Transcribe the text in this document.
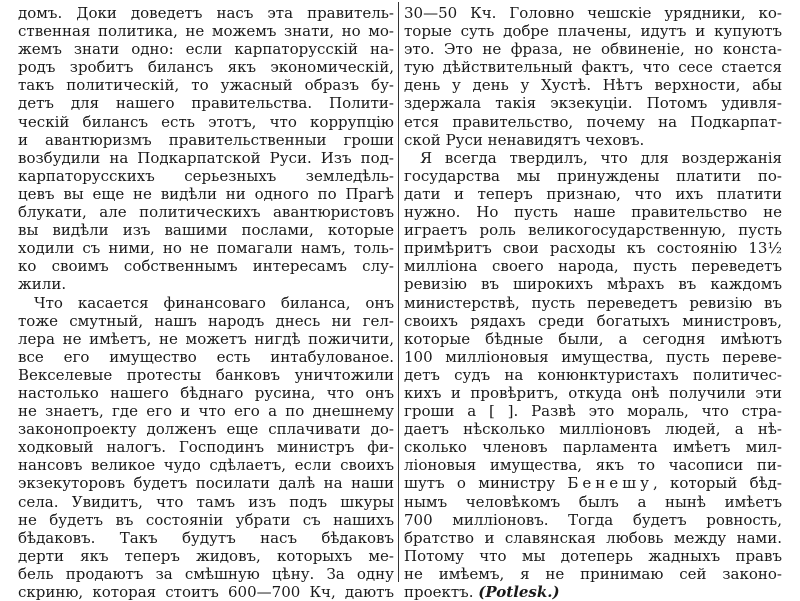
домъ. Доки доведетъ насъ эта правитель-
ственная политика, не можемъ знати, но мо-
жемъ знати одно: если карпаторусскій на-
родъ зробитъ билансъ якъ экономическій,
такъ политическій, то ужасный образъ бу-
детъ для нашего правительства. Полити-
ческій билансъ есть этотъ, что коррупцію
и авантюризмъ правительственныи гроши
возбудили на Подкарпатской Руси. Изъ под-
карпаторусскихъ серьезныхъ земледѣль-
цевъ вы еще не видѣли ни одного по Прагѣ
блукати, але политическихъ авантюристовъ
вы видѣли изъ вашими послами, которые
ходили съ ними, но не помагали намъ, толь-
ко своимъ собственнымъ интересамъ слу-
жили.
Что касается финансоваго биланса, онъ
тоже смутный, нашъ народъ днесь ни гел-
лера не имѣетъ, не можетъ нигдѣ пожичити,
все его имущество есть интабулованое.
Векселевые протесты банковъ уничтожили
настолько нашего бѣднаго русина, что онъ
не знаетъ, где его и что его а по днешнему
законопроекту долженъ еще сплачивати до-
ходковый налогъ. Господинъ министръ фи-
нансовъ великое чудо сдѣлаетъ, если своихъ
экзекуторовъ будетъ посилати далѣ на наши
села. Увидитъ, что тамъ изъ подъ шкуры
не будетъ въ состояніи убрати съ нашихъ
бѣдаковъ. Такъ будутъ насъ бѣдаковъ
дерти якъ теперъ жидовъ, которыхъ ме-
бель продаютъ за смѣшную цѣну. За одну
скриню, которая стоитъ 600—700 Кч, даютъ
30—50 Кч. Головно чешскіе урядники, ко-
торые суть добре плачены, идутъ и купуютъ
это. Это не фраза, не обвиненіе, но конста-
тую дѣйствительный фактъ, что сесе стается
день у день у Хустѣ. Нѣтъ верхности, абы
здержала такія экзекуціи. Потомъ удивля-
ется правительство, почему на Подкарпат-
ской Руси ненавидятъ чеховъ.
Я всегда твердилъ, что для воздержанія
государства мы принуждены платити по-
дати и теперъ признаю, что ихъ платити
нужно. Но пусть наше правительство не
играетъ роль великогосударственную, пусть
примѣритъ свои расходы къ состоянію 13½
милліона своего народа, пусть переведетъ
ревизію въ широкихъ мѣрахъ въ каждомъ
министерствѣ, пусть переведетъ ревизію въ
своихъ рядахъ среди богатыхъ министровъ,
которые бѣдные были, а сегодня имѣютъ
100 милліоновыя имущества, пусть переве-
детъ судъ на конюнктуристахъ политичес-
кихъ и провѣритъ, откуда онѣ получили эти
гроши а [ ]. Развѣ это мораль, что стра-
даетъ нѣсколько милліоновъ людей, а нѣ-
сколько членовъ парламента имѣетъ мил-
ліоновыя имущества, якъ то часописи пи-
шутъ о министру Бенешу, который бѣд-
нымъ человѣкомъ былъ а нынѣ имѣетъ
700 милліоновъ. Тогда будетъ ровность,
братство и славянская любовь между нами.
Потому что мы дотеперь жадныхъ правъ
не имѣемъ, я не принимаю сей законо-
проектъ. (Potlesk.)
